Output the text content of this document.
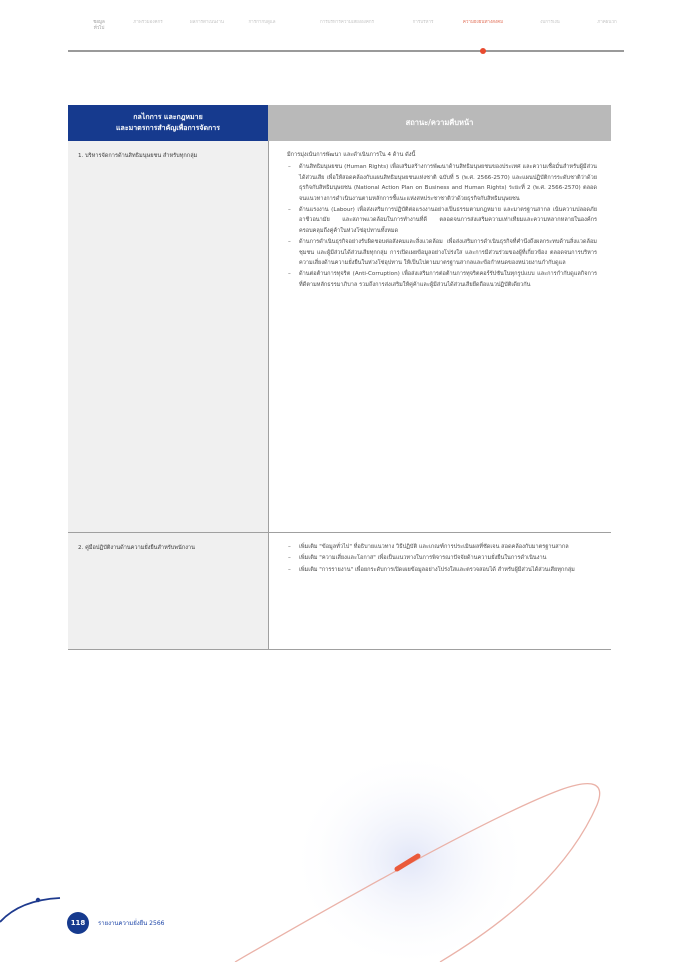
ข้อมูลทั่วไป
ภาพรวมองค์กร	ผลการดำเนินงาน	การกำกับดูแล	การบริหารความเสี่ยงองค์กร	การบริหาร	ความยั่งยืนทางสังคม	งบการเงิน	ภาคผนวก
กลไกการ และกฎหมาย
และมาตรการสำคัญเพื่อการจัดการ
สถานะ/ความคืบหน้า
1. บริหารจัดการด้านสิทธิมนุษยชน สำหรับทุกกลุ่ม	มีการมุ่งเน้นการพัฒนา และดำเนินการใน 4 ด้าน ดังนี้

– ด้านสิทธิมนุษยชน (Human Rights) เพื่อเสริมสร้างการพัฒนาด้านสิทธิมนุษยชนของประเทศ และความเชื่อมั่นสำหรับผู้มีส่วนได้ส่วนเสีย เพื่อให้สอดคล้องกับแผนสิทธิมนุษยชนแห่งชาติ ฉบับที่ 5 (พ.ศ. 2566-2570) และแผนปฏิบัติการระดับชาติว่าด้วยธุรกิจกับสิทธิมนุษยชน (National Action Plan on Business and Human Rights) ระยะที่ 2 (พ.ศ. 2566-2570) ตลอดจนแนวทางการดำเนินงานตามหลักการชี้แนะแห่งสหประชาชาติว่าด้วยธุรกิจกับสิทธิมนุษยชน
– ด้านแรงงาน (Labour) เพื่อส่งเสริมการปฏิบัติต่อแรงงานอย่างเป็นธรรมตามกฎหมาย และมาตรฐานสากล เน้นความปลอดภัย อาชีวอนามัย และสภาพแวดล้อมในการทำงานที่ดี ตลอดจนการส่งเสริมความเท่าเทียมและความหลากหลายในองค์กร ครอบคลุมถึงคู่ค้าในห่วงโซ่อุปทานทั้งหมด
– ด้านการดำเนินธุรกิจอย่างรับผิดชอบต่อสังคมและสิ่งแวดล้อม เพื่อส่งเสริมการดำเนินธุรกิจที่คำนึงถึงผลกระทบด้านสิ่งแวดล้อม ชุมชน และผู้มีส่วนได้ส่วนเสียทุกกลุ่ม การเปิดเผยข้อมูลอย่างโปร่งใส และการมีส่วนร่วมของผู้ที่เกี่ยวข้อง ตลอดจนการบริหารความเสี่ยงด้านความยั่งยืนในห่วงโซ่อุปทาน ให้เป็นไปตามมาตรฐานสากลและข้อกำหนดของหน่วยงานกำกับดูแล
– ด้านต่อต้านการทุจริต (Anti-Corruption) เพื่อส่งเสริมการต่อต้านการทุจริตคอร์รัปชันในทุกรูปแบบ และการกำกับดูแลกิจการที่ดีตามหลักธรรมาภิบาล รวมถึงการส่งเสริมให้คู่ค้าและผู้มีส่วนได้ส่วนเสียยึดถือแนวปฏิบัติเดียวกัน
2. คู่มือปฏิบัติงานด้านความยั่งยืนสำหรับพนักงาน
–	เพิ่มเติม "ข้อมูลทั่วไป" ที่อธิบายแนวทาง วิธีปฏิบัติ และเกณฑ์การประเมินผลที่ชัดเจน สอดคล้องกับมาตรฐานสากล
– เพิ่มเติม "ความเสี่ยงและโอกาส" เพื่อเป็นแนวทางในการพิจารณาปัจจัยด้านความยั่งยืนในการดำเนินงาน
– เพิ่มเติม "การรายงาน" เพื่อยกระดับการเปิดเผยข้อมูลอย่างโปร่งใสและตรวจสอบได้ สำหรับผู้มีส่วนได้ส่วนเสียทุกกลุ่ม
118	รายงานความยั่งยืน 2566
